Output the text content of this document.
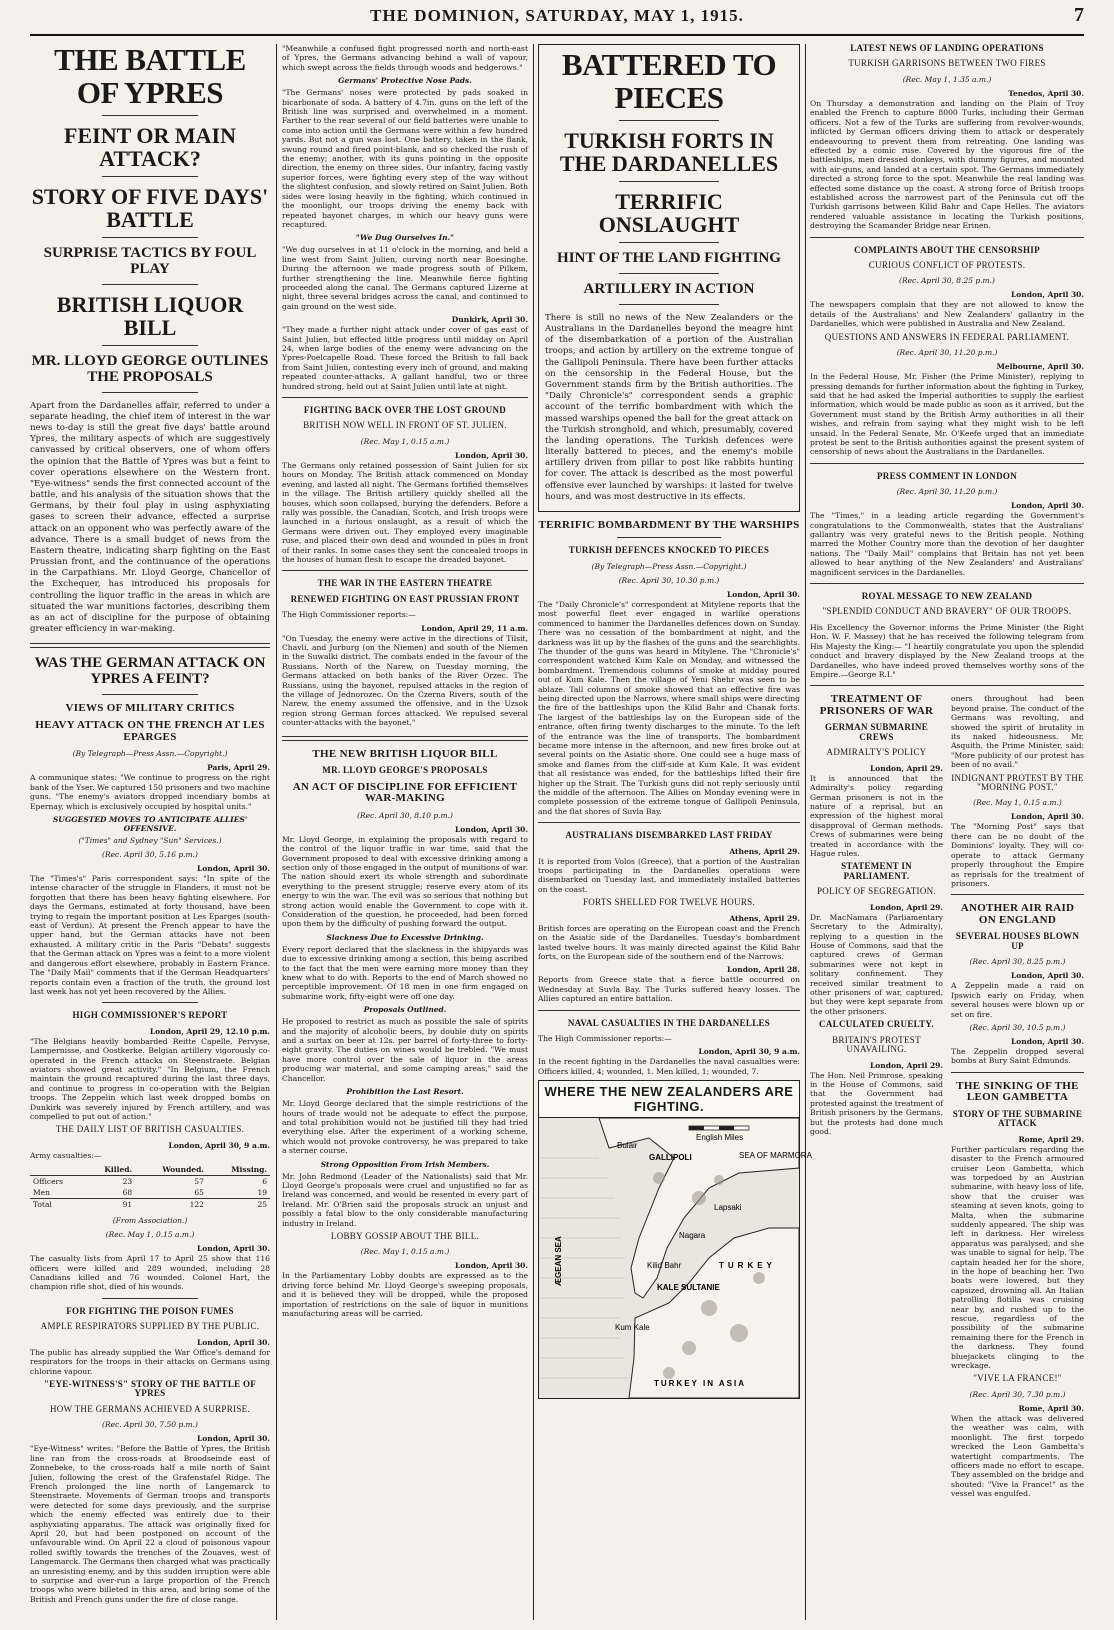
THE DOMINION, SATURDAY, MAY 1, 1915.	7
THE BATTLE OF YPRES
FEINT OR MAIN ATTACK?
STORY OF FIVE DAYS' BATTLE
SURPRISE TACTICS BY FOUL PLAY
BRITISH LIQUOR BILL
MR. LLOYD GEORGE OUTLINES THE PROPOSALS

Apart from the Dardanelles affair, referred to under a separate heading, the chief item of interest in the war news to-day is still the great five days' battle around Ypres, the military aspects of which are suggestively canvassed by critical observers, one of whom offers the opinion that the Battle of Ypres was but a feint to cover operations elsewhere on the Western front. "Eye-witness" sends the first connected account of the battle, and his analysis of the situation shows that the Germans, by their foul play in using asphyxiating gases to screen their advance, effected a surprise attack on an opponent who was perfectly aware of the advance. There is a small budget of news from the Eastern theatre, indicating sharp fighting on the East Prussian front, and the continuance of the operations in the Carpathians. Mr. Lloyd George, Chancellor of the Exchequer, has introduced his proposals for controlling the liquor traffic in the areas in which are situated the war munitions factories, describing them as an act of discipline for the purpose of obtaining greater efficiency in war-making.

WAS THE GERMAN ATTACK ON YPRES A FEINT?
VIEWS OF MILITARY CRITICS
HEAVY ATTACK ON THE FRENCH AT LES EPARGES
(By Telegraph—Press Assn.—Copyright.)
Paris, April 29.

A communique states: "We continue to progress on the right bank of the Yser. We captured 150 prisoners and two machine guns. "The enemy's aviators dropped incendiary bombs at Epernay, which is exclusively occupied by hospital units."

SUGGESTED MOVES TO ANTICIPATE ALLIES' OFFENSIVE.
("Times" and Sydney "Sun" Services.)
(Rec. April 30, 5.16 p.m.)
London, April 30.

The "Times's" Paris correspondent says: "In spite of the intense character of the struggle in Flanders, it must not be forgotten that there has been heavy fighting elsewhere. For days the Germans, estimated at forty thousand, have been trying to regain the important position at Les Eparges (south-east of Verdun). At present the French appear to have the upper hand, but the German attacks have not been exhausted. A military critic in the Paris "Debats" suggests that the German attack on Ypres was a feint to a more violent and dangerous effort elsewhere, probably in Eastern France. The "Daily Mail" comments that if the German Headquarters' reports contain even a fraction of the truth, the ground lost last week has not yet been recovered by the Allies.

HIGH COMMISSIONER'S REPORT
London, April 29, 12.10 p.m.

"The Belgians heavily bombarded Reitte Capelle, Pervyse, Lampernisse, and Oostkerke. Belgian artillery vigorously co-operated in the French attacks on Steenstraete. Belgian aviators showed great activity." "In Belgium, the French maintain the ground recaptured during the last three days, and continue to progress in co-operation with the Belgian troops. The Zeppelin which last week dropped bombs on Dunkirk was severely injured by French artillery, and was compelled to put out of action."

THE DAILY LIST OF BRITISH CASUALTIES.
London, April 30, 9 a.m.
Army casualties:—
	Killed.	Wounded.	Missing.
Officers	23	57	6
Men	68	65	19
Total	91	122	25
(From Association.)
(Rec. May 1, 0.15 a.m.)
London, April 30.

The casualty lists from April 17 to April 25 show that 116 officers were killed and 289 wounded, including 28 Canadians killed and 76 wounded. Colonel Hart, the champion rifle shot, died of his wounds.

FOR FIGHTING THE POISON FUMES
AMPLE RESPIRATORS SUPPLIED BY THE PUBLIC.
London, April 30.

The public has already supplied the War Office's demand for respirators for the troops in their attacks on Germans using chlorine vapour.

"EYE-WITNESS'S" STORY OF THE BATTLE OF YPRES
HOW THE GERMANS ACHIEVED A SURPRISE.
(Rec. April 30, 7.50 p.m.)
London, April 30.

"Eye-Witness" writes: "Before the Battle of Ypres, the British line ran from the cross-roads at Broodseinde east of Zonnebeke, to the cross-roads half a mile north of Saint Julien, following the crest of the Grafenstafel Ridge. The French prolonged the line north of Langemarck to Steenstraete. Movements of German troops and transports were detected for some days previously, and the surprise which the enemy effected was entirely due to their asphyxiating apparatus. The attack was originally fixed for April 20, but had been postponed on account of the unfavourable wind. On April 22 a cloud of poisonous vapour rolled swiftly towards the trenches of the Zouaves, west of Langemarck. The Germans then charged what was practically an unresisting enemy, and by this sudden irruption were able to surprise and over-run a large proportion of the French troops who were billeted in this area, and bring some of the British and French guns under the fire of close range.

"Meanwhile a confused fight progressed north and north-east of Ypres, the Germans advancing behind a wall of vapour, which swept across the fields through woods and hedgerows."

Germans' Protective Nose Pads.

"The Germans' noses were protected by pads soaked in bicarbonate of soda. A battery of 4.7in. guns on the left of the British line was surprised and overwhelmed in a moment. Farther to the rear several of our field batteries were unable to come into action until the Germans were within a few hundred yards. But not a gun was lost. One battery, taken in the flank, swung round and fired point-blank, and so checked the rush of the enemy; another, with its guns pointing in the opposite direction, the enemy on three sides. Our infantry, facing vastly superior forces, were fighting every step of the way without the slightest confusion, and slowly retired on Saint Julien. Both sides were losing heavily in the fighting, which continued in the moonlight, our troops driving the enemy back with repeated bayonet charges, in which our heavy guns were recaptured.

"We Dug Ourselves In."

"We dug ourselves in at 11 o'clock in the morning, and held a line west from Saint Julien, curving north near Boesinghe. During the afternoon we made progress south of Pilkem, further strengthening the line. Meanwhile fierce fighting proceeded along the canal. The Germans captured Lizerne at night, three several bridges across the canal, and continued to gain ground on the west side.

Dunkirk, April 30.

"They made a further night attack under cover of gas east of Saint Julien, but effected little progress until midday on April 24, when large bodies of the enemy were advancing on the Ypres-Poelcapelle Road. These forced the British to fall back from Saint Julien, contesting every inch of ground, and making repeated counter-attacks. A gallant handful, two or three hundred strong, held out at Saint Julien until late at night.

FIGHTING BACK OVER THE LOST GROUND
BRITISH NOW WELL IN FRONT OF ST. JULIEN.
(Rec. May 1, 0.15 a.m.)
London, April 30.

The Germans only retained possession of Saint Julien for six hours on Monday. The British attack commenced on Monday evening, and lasted all night. The Germans fortified themselves in the village. The British artillery quickly shelled all the houses, which soon collapsed, burying the defenders. Before a rally was possible, the Canadian, Scotch, and Irish troops were launched in a furious onslaught, as a result of which the Germans were driven out. They employed every imaginable ruse, and placed their own dead and wounded in piles in front of their ranks. In some cases they sent the concealed troops in the houses of human flesh to escape the dreaded bayonet.

THE WAR IN THE EASTERN THEATRE
RENEWED FIGHTING ON EAST PRUSSIAN FRONT

The High Commissioner reports:—

London, April 29, 11 a.m.

"On Tuesday, the enemy were active in the directions of Tilsit, Chavli, and Jurburg (on the Niemen) and south of the Niemen in the Suwalki district. The combats ended in the favour of the Russians. North of the Narew, on Tuesday morning, the Germans attacked on both banks of the River Orzec. The Russians, using the bayonet, repulsed attacks in the region of the village of Jednorozec. On the Czerna Rivers, south of the Narew, the enemy assumed the offensive, and in the Uzsok region strong German forces attacked. We repulsed several counter-attacks with the bayonet."

THE NEW BRITISH LIQUOR BILL
MR. LLOYD GEORGE'S PROPOSALS
AN ACT OF DISCIPLINE FOR EFFICIENT WAR-MAKING
(Rec. April 30, 8.10 p.m.)
London, April 30.

Mr. Lloyd George, in explaining the proposals with regard to the control of the liquor traffic in war time, said that the Government proposed to deal with excessive drinking among a section only of those engaged in the output of munitions of war. The nation should exert its whole strength and subordinate everything to the present struggle; reserve every atom of its energy to win the war. The evil was so serious that nothing but strong action would enable the Government to cope with it. Consideration of the question, he proceeded, had been forced upon them by the difficulty of pushing forward the output.

Slackness Due to Excessive Drinking.

Every report declared that the slackness in the shipyards was due to excessive drinking among a section, this being ascribed to the fact that the men were earning more money than they knew what to do with. Reports to the end of March showed no perceptible improvement. Of 18 men in one firm engaged on submarine work, fifty-eight were off one day.

Proposals Outlined.

He proposed to restrict as much as possible the sale of spirits and the majority of alcoholic beers, by double duty on spirits and a surtax on beer at 12s. per barrel of forty-three to forty-eight gravity. The duties on wines would be trebled. "We must have more control over the sale of liquor in the areas producing war material, and some camping areas," said the Chancellor.

Prohibition the Last Resort.

Mr. Lloyd George declared that the simple restrictions of the hours of trade would not be adequate to effect the purpose, and total prohibition would not be justified till they had tried everything else. After the experiment of a working scheme, which would not provoke controversy, he was prepared to take a sterner course.

Strong Opposition From Irish Members.

Mr. John Redmond (Leader of the Nationalists) said that Mr. Lloyd George's proposals were cruel and unjustified so far as Ireland was concerned, and would be resented in every part of Ireland. Mr. O'Brien said the proposals struck an unjust and possibly a fatal blow to the only considerable manufacturing industry in Ireland.

LOBBY GOSSIP ABOUT THE BILL.
(Rec. May 1, 0.15 a.m.)
London, April 30.

In the Parliamentary Lobby doubts are expressed as to the driving force behind Mr. Lloyd George's sweeping proposals, and it is believed they will be dropped, while the proposed importation of restrictions on the sale of liquor in munitions manufacturing areas will be carried.

BATTERED TO PIECES
TURKISH FORTS IN THE DARDANELLES
TERRIFIC ONSLAUGHT
HINT OF THE LAND FIGHTING
ARTILLERY IN ACTION

There is still no news of the New Zealanders or the Australians in the Dardanelles beyond the meagre hint of the disembarkation of a portion of the Australian troops, and action by artillery on the extreme tongue of the Gallipoli Peninsula. There have been further attacks on the censorship in the Federal House, but the Government stands firm by the British authorities. The "Daily Chronicle's" correspondent sends a graphic account of the terrific bombardment with which the massed warships opened the ball for the great attack on the Turkish stronghold, and which, presumably, covered the landing operations. The Turkish defences were literally battered to pieces, and the enemy's mobile artillery driven from pillar to post like rabbits hunting for cover. The attack is described as the most powerful offensive ever launched by warships: it lasted for twelve hours, and was most destructive in its effects.

TERRIFIC BOMBARDMENT BY THE WARSHIPS
TURKISH DEFENCES KNOCKED TO PIECES
(By Telegraph—Press Assn.—Copyright.)
(Rec. April 30, 10.30 p.m.)
London, April 30.

The "Daily Chronicle's" correspondent at Mitylene reports that the most powerful fleet ever engaged in warlike operations commenced to hammer the Dardanelles defences down on Sunday. There was no cessation of the bombardment at night, and the darkness was lit up by the flashes of the guns and the searchlights. The thunder of the guns was heard in Mitylene. The "Chronicle's" correspondent watched Kum Kale on Monday, and witnessed the bombardment. Tremendous columns of smoke at midday poured out of Kum Kale. Then the village of Yeni Shehr was seen to be ablaze. Tall columns of smoke showed that an effective fire was being directed upon the Narrows, where small ships were directing the fire of the battleships upon the Kilid Bahr and Chanak forts. The largest of the battleships lay on the European side of the entrance, often firing twenty discharges to the minute. To the left of the entrance was the line of transports. The bombardment became more intense in the afternoon, and new fires broke out at several points on the Asiatic shore. One could see a huge mass of smoke and flames from the cliff-side at Kum Kale. It was evident that all resistance was ended, for the battleships lifted their fire higher up the Strait. The Turkish guns did not reply seriously until the middle of the afternoon. The Allies on Monday evening were in complete possession of the extreme tongue of Gallipoli Peninsula, and the flat shores of Suvla Bay.

AUSTRALIANS DISEMBARKED LAST FRIDAY
Athens, April 29.

It is reported from Volos (Greece), that a portion of the Australian troops participating in the Dardanelles operations were disembarked on Tuesday last, and immediately installed batteries on the coast.

FORTS SHELLED FOR TWELVE HOURS.
Athens, April 29.

British forces are operating on the European coast and the French on the Asiatic side of the Dardanelles. Tuesday's bombardment lasted twelve hours. It was mainly directed against the Kilid Bahr forts, on the European side of the southern end of the Narrows.

London, April 28.

Reports from Greece state that a fierce battle occurred on Wednesday at Suvla Bay. The Turks suffered heavy losses. The Allies captured an entire battalion.

NAVAL CASUALTIES IN THE DARDANELLES

The High Commissioner reports:—

London, April 30, 9 a.m.

In the recent fighting in the Dardanelles the naval casualties were: Officers killed, 4; wounded, 1. Men killed, 1; wounded, 7.

WHERE THE NEW ZEALANDERS ARE FIGHTING.
English Miles
ÆGEAN SEA
GALLIPOLI
Bulair
Kilid Bahr
Nagara
Lapsaki
KALE SULTANIE
Kum Kale
TURKEY
SEA OF MARMORA
TURKEY IN ASIA
LATEST NEWS OF LANDING OPERATIONS
TURKISH GARRISONS BETWEEN TWO FIRES
(Rec. May 1, 1.35 a.m.)
Tenedos, April 30.

On Thursday a demonstration and landing on the Plain of Troy enabled the French to capture 8000 Turks, including their German officers. Not a few of the Turks are suffering from revolver-wounds, inflicted by German officers driving them to attack or desperately endeavouring to prevent them from retreating. One landing was effected by a comic ruse. Covered by the vigorous fire of the battleships, men dressed donkeys, with dummy figures, and mounted with air-guns, and landed at a certain spot. The Germans immediately directed a strong force to the spot. Meanwhile the real landing was effected some distance up the coast. A strong force of British troops established across the narrowest part of the Peninsula cut off the Turkish garrisons between Kilid Bahr and Cape Helles. The aviators rendered valuable assistance in locating the Turkish positions, destroying the Scamander Bridge near Erinen.

COMPLAINTS ABOUT THE CENSORSHIP
CURIOUS CONFLICT OF PROTESTS.
(Rec. April 30, 8.25 p.m.)
London, April 30.

The newspapers complain that they are not allowed to know the details of the Australians' and New Zealanders' gallantry in the Dardanelles, which were published in Australia and New Zealand.

QUESTIONS AND ANSWERS IN FEDERAL PARLIAMENT.
(Rec. April 30, 11.20 p.m.)
Melbourne, April 30.

In the Federal House, Mr. Fisher (the Prime Minister), replying to pressing demands for further information about the fighting in Turkey, said that he had asked the Imperial authorities to supply the earliest information, which would be made public as soon as it arrived, but the Government must stand by the British Army authorities in all their wishes, and refrain from saying what they might wish to be left unsaid. In the Federal Senate, Mr. O'Keefe urged that an immediate protest be sent to the British authorities against the present system of censorship of news about the Australians in the Dardanelles.

PRESS COMMENT IN LONDON
(Rec. April 30, 11.20 p.m.)
London, April 30.

The "Times," in a leading article regarding the Government's congratulations to the Commonwealth, states that the Australians' gallantry was very grateful news to the British people. Nothing marred the Mother Country more than the devotion of her daughter nations. The "Daily Mail" complains that Britain has not yet been allowed to hear anything of the New Zealanders' and Australians' magnificent services in the Dardanelles.

ROYAL MESSAGE TO NEW ZEALAND
"SPLENDID CONDUCT AND BRAVERY" OF OUR TROOPS.

His Excellency the Governor informs the Prime Minister (the Right Hon. W. F. Massey) that he has received the following telegram from His Majesty the King:— "I heartily congratulate you upon the splendid conduct and bravery displayed by the New Zealand troops at the Dardanelles, who have indeed proved themselves worthy sons of the Empire.—George R.I."

TREATMENT OF PRISONERS OF WAR
GERMAN SUBMARINE CREWS
ADMIRALTY'S POLICY
London, April 29.

It is announced that the Admiralty's policy regarding German prisoners is not in the nature of a reprisal, but an expression of the highest moral disapproval of German methods. Crews of submarines were being treated in accordance with the Hague rules.

STATEMENT IN PARLIAMENT.
POLICY OF SEGREGATION.
London, April 29.

Dr. MacNamara (Parliamentary Secretary to the Admiralty), replying to a question in the House of Commons, said that the captured crews of German submarines were not kept in solitary confinement. They received similar treatment to other prisoners of war, captured, but they were kept separate from the other prisoners.

CALCULATED CRUELTY.
BRITAIN'S PROTEST UNAVAILING.
London, April 29.

The Hon. Neil Primrose, speaking in the House of Commons, said that the Government had protested against the treatment of British prisoners by the Germans, but the protests had done much good.

oners throughout had been beyond praise. The conduct of the Germans was revolting, and showed the spirit of brutality in its naked hideousness. Mr. Asquith, the Prime Minister, said: "More publicity of our protest has been of no avail."

INDIGNANT PROTEST BY THE "MORNING POST."
(Rec. May 1, 0.15 a.m.)
London, April 30.

The "Morning Post" says that there can be no doubt of the Dominions' loyalty. They will co-operate to attack Germany properly throughout the Empire as reprisals for the treatment of prisoners.

ANOTHER AIR RAID ON ENGLAND
SEVERAL HOUSES BLOWN UP
(Rec. April 30, 8.25 p.m.)
London, April 30.

A Zeppelin made a raid on Ipswich early on Friday, when several houses were blown up or set on fire.

(Rec. April 30, 10.5 p.m.)
London, April 30.

The Zeppelin dropped several bombs at Bury Saint Edmunds.

THE SINKING OF THE LEON GAMBETTA
STORY OF THE SUBMARINE ATTACK
Rome, April 29.

Further particulars regarding the disaster to the French armoured cruiser Leon Gambetta, which was torpedoed by an Austrian submarine, with heavy loss of life, show that the cruiser was steaming at seven knots, going to Malta, when the submarine suddenly appeared. The ship was left in darkness. Her wireless apparatus was paralysed, and she was unable to signal for help. The captain headed her for the shore, in the hope of beaching her. Two boats were lowered, but they capsized, drowning all. An Italian patrolling flotilla was cruising near by, and rushed up to the rescue, regardless of the possibility of the submarine remaining there for the French in the darkness. They found bluejackets clinging to the wreckage.

"VIVE LA FRANCE!"
(Rec. April 30, 7.30 p.m.)
Rome, April 30.

When the attack was delivered the weather was calm, with moonlight. The first torpedo wrecked the Leon Gambetta's watertight compartments. The officers made no effort to escape. They assembled on the bridge and shouted: "Vive la France!" as the vessel was engulfed.
